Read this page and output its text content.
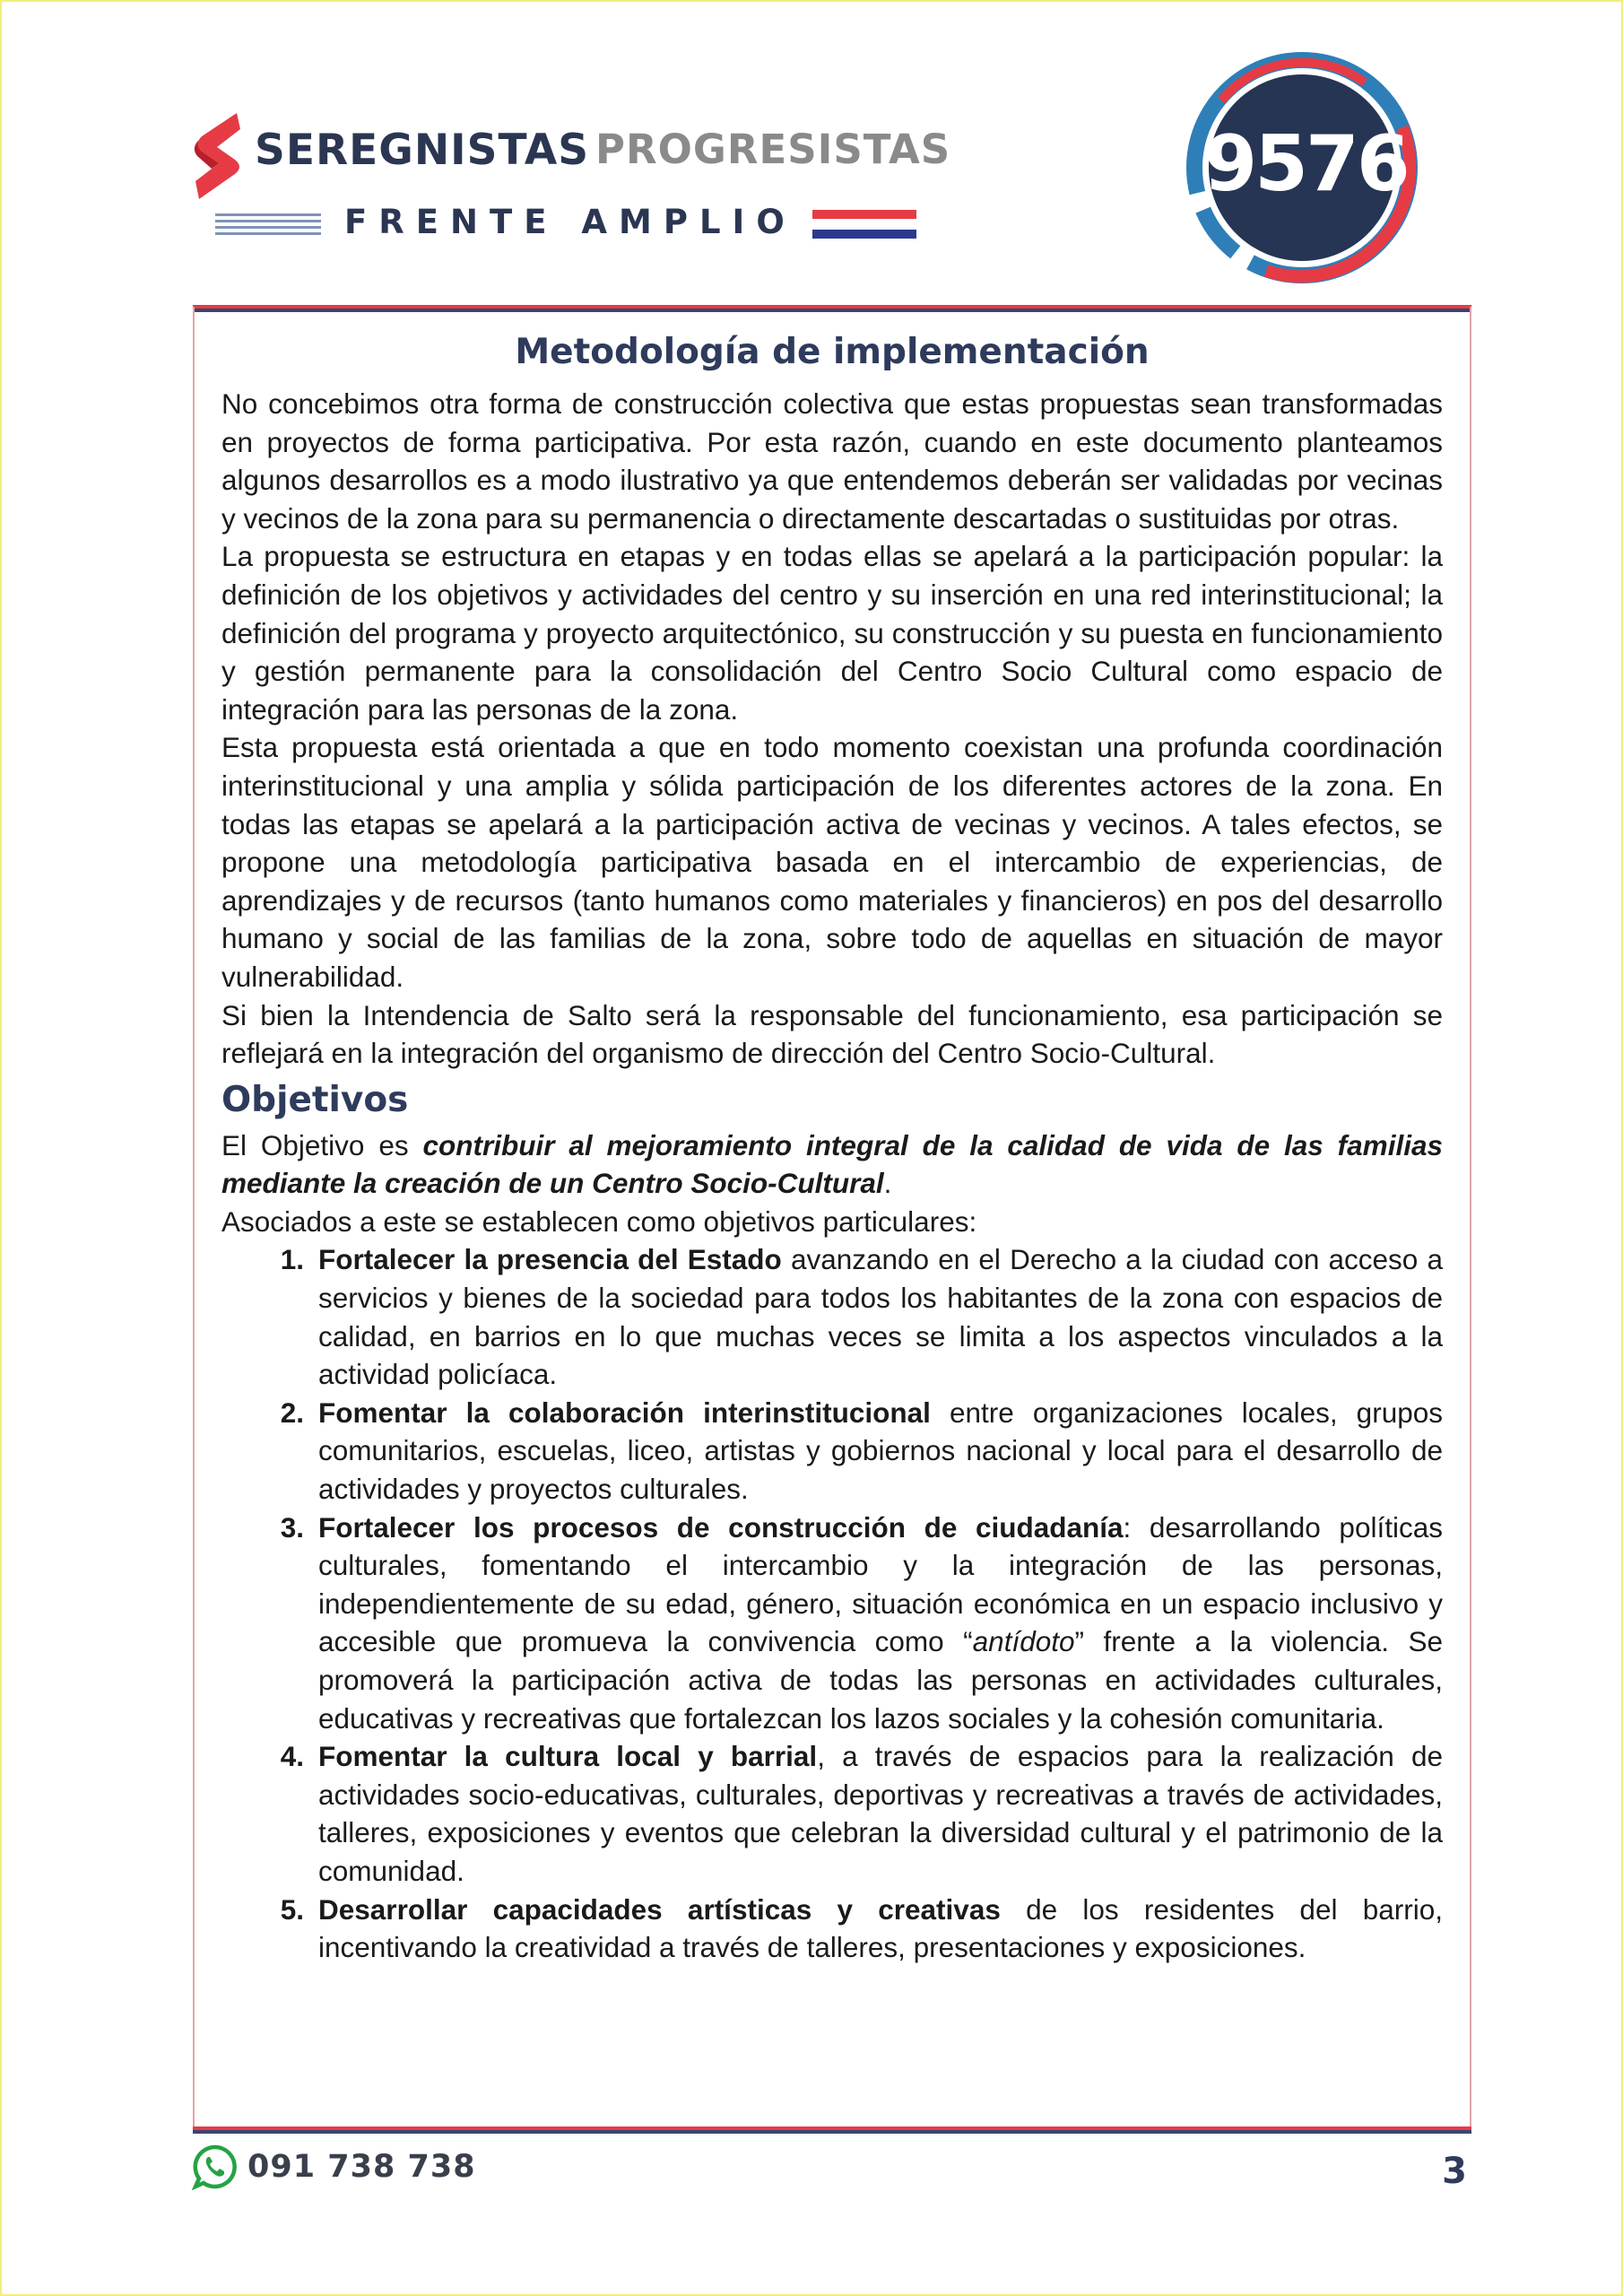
SEREGNISTAS PROGRESISTAS
FRENTE AMPLIO
9576
Metodología de implementación

No concebimos otra forma de construcción colectiva que estas propuestas sean transformadas en proyectos de forma participativa. Por esta razón, cuando en este documento planteamos algunos desarrollos es a modo ilustrativo ya que entendemos deberán ser validadas por vecinas y vecinos de la zona para su permanencia o directamente descartadas o sustituidas por otras.

La propuesta se estructura en etapas y en todas ellas se apelará a la participación popular: la definición de los objetivos y actividades del centro y su inserción en una red interinstitucional; la definición del programa y proyecto arquitectónico, su construcción y su puesta en funcionamiento y gestión permanente para la consolidación del Centro Socio Cultural como espacio de integración para las personas de la zona.

Esta propuesta está orientada a que en todo momento coexistan una profunda coordinación interinstitucional y una amplia y sólida participación de los diferentes actores de la zona. En todas las etapas se apelará a la participación activa de vecinas y vecinos. A tales efectos, se propone una metodología participativa basada en el intercambio de experiencias, de aprendizajes y de recursos (tanto humanos como materiales y financieros) en pos del desarrollo humano y social de las familias de la zona, sobre todo de aquellas en situación de mayor vulnerabilidad.

Si bien la Intendencia de Salto será la responsable del funcionamiento, esa participación se reflejará en la integración del organismo de dirección del Centro Socio-Cultural.

Objetivos

El Objetivo es contribuir al mejoramiento integral de la calidad de vida de las familias mediante la creación de un Centro Socio-Cultural.

Asociados a este se establecen como objetivos particulares:

1. Fortalecer la presencia del Estado avanzando en el Derecho a la ciudad con acceso a servicios y bienes de la sociedad para todos los habitantes de la zona con espacios de calidad, en barrios en lo que muchas veces se limita a los aspectos vinculados a la actividad policíaca.
2. Fomentar la colaboración interinstitucional entre organizaciones locales, grupos comunitarios, escuelas, liceo, artistas y gobiernos nacional y local para el desarrollo de actividades y proyectos culturales.
3. Fortalecer los procesos de construcción de ciudadanía: desarrollando políticas culturales, fomentando el intercambio y la integración de las personas, independientemente de su edad, género, situación económica en un espacio inclusivo y accesible que promueva la convivencia como “antídoto” frente a la violencia. Se promoverá la participación activa de todas las personas en actividades culturales, educativas y recreativas que fortalezcan los lazos sociales y la cohesión comunitaria.
4. Fomentar la cultura local y barrial, a través de espacios para la realización de actividades socio-educativas, culturales, deportivas y recreativas a través de actividades, talleres, exposiciones y eventos que celebran la diversidad cultural y el patrimonio de la comunidad.
5. Desarrollar capacidades artísticas y creativas de los residentes del barrio, incentivando la creatividad a través de talleres, presentaciones y exposiciones.
091 738 738	3
